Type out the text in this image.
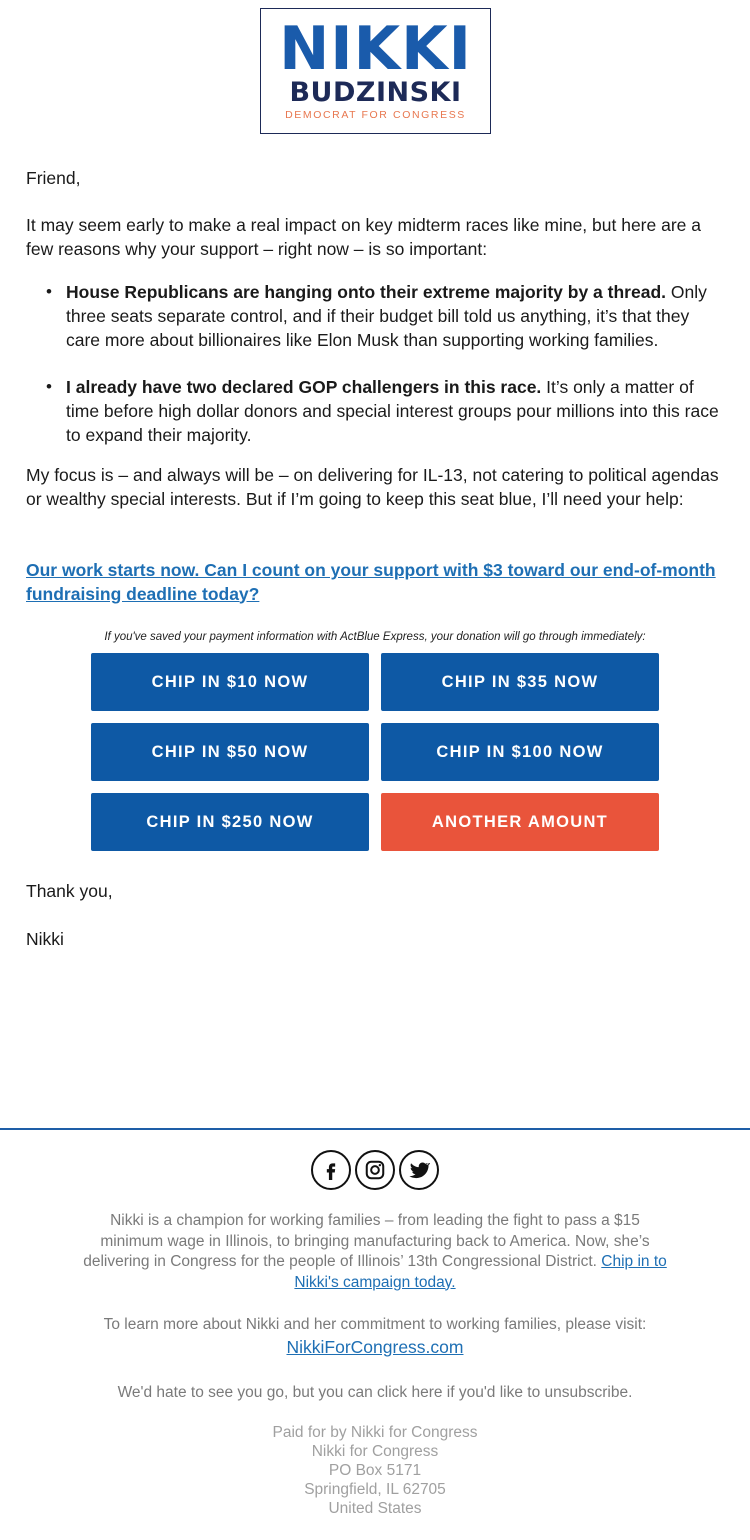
NIKKI
BUDZINSKI
DEMOCRAT FOR CONGRESS

Friend,

It may seem early to make a real impact on key midterm races like mine, but here are a few reasons why your support – right now – is so important:

• House Republicans are hanging onto their extreme majority by a thread. Only three seats separate control, and if their budget bill told us anything, it’s that they care more about billionaires like Elon Musk than supporting working families.
• I already have two declared GOP challengers in this race. It’s only a matter of time before high dollar donors and special interest groups pour millions into this race to expand their majority.

My focus is – and always will be – on delivering for IL-13, not catering to political agendas or wealthy special interests. But if I’m going to keep this seat blue, I’ll need your help:

Our work starts now. Can I count on your support with $3 toward our end-of-month fundraising deadline today?

If you've saved your payment information with ActBlue Express, your donation will go through immediately:

CHIP IN $10 NOW	CHIP IN $35 NOW
CHIP IN $50 NOW	CHIP IN $100 NOW
CHIP IN $250 NOW	ANOTHER AMOUNT

Thank you,

Nikki

Nikki is a champion for working families – from leading the fight to pass a $15 minimum wage in Illinois, to bringing manufacturing back to America. Now, she’s delivering in Congress for the people of Illinois’ 13th Congressional District. Chip in to Nikki's campaign today.

To learn more about Nikki and her commitment to working families, please visit:

NikkiForCongress.com
We'd hate to see you go, but you can click here if you'd like to unsubscribe.

Paid for by Nikki for Congress

Nikki for Congress

PO Box 5171

Springfield, IL 62705

United States
